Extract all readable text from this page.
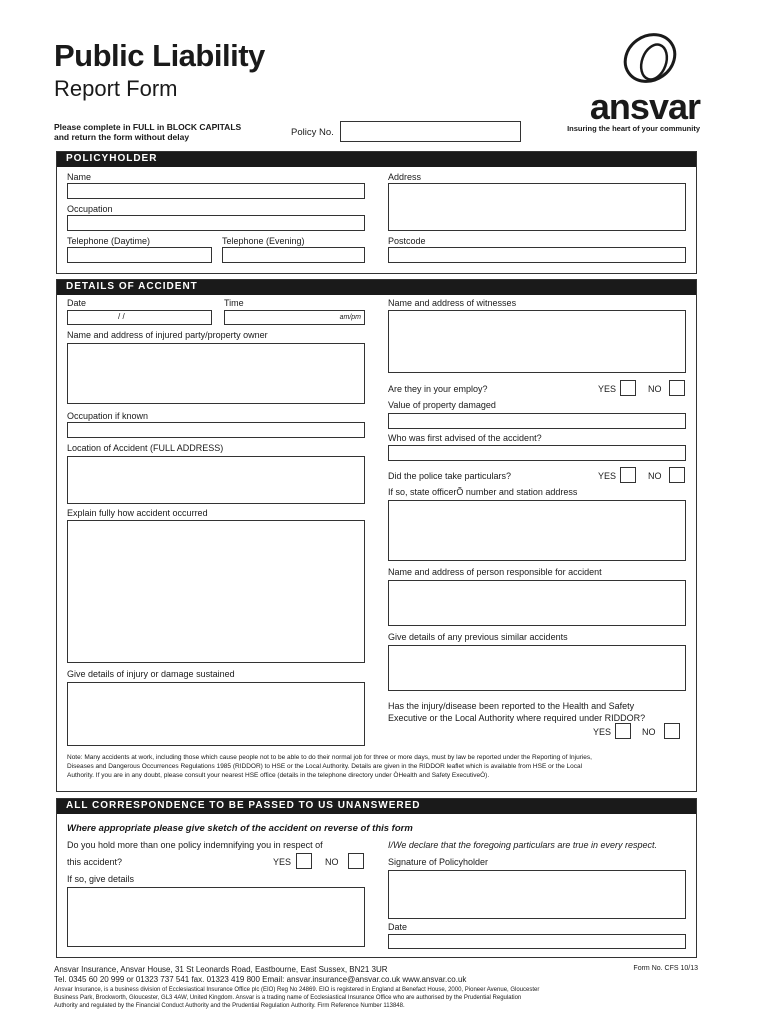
Public Liability
Report Form
Please complete in FULL in BLOCK CAPITALS
and return the form without delay	Policy No.
ansvar
Insuring the heart of your community
POLICYHOLDER
Name
Occupation
Telephone (Daytime)	Telephone (Evening)
Address
Postcode
DETAILS OF ACCIDENT
Date
/ /
Time
am/pm
Name and address of injured party/property owner
Occupation if known
Location of Accident (FULL ADDRESS)
Explain fully how accident occurred
Give details of injury or damage sustained
Name and address of witnesses
Are they in your employ?	YES	NO
Value of property damaged
Who was first advised of the accident?
Did the police take particulars?	YES	NO
If so, state officerÕ number and station address
Name and address of person responsible for accident
Give details of any previous similar accidents
Has the injury/disease been reported to the Health and Safety
Executive or the Local Authority where required under RIDDOR?
YES	NO
Note: Many accidents at work, including those which cause people not to be able to do their normal job for three or more days, must by law be reported under the Reporting of Injuries,
Diseases and Dangerous Occurrences Regulations 1985 (RIDDOR) to HSE or the Local Authority. Details are given in the RIDDOR leaflet which is available from HSE or the Local
Authority. If you are in any doubt, please consult your nearest HSE office (details in the telephone directory under ÒHealth and Safety ExecutiveÓ).
ALL CORRESPONDENCE TO BE PASSED TO US UNANSWERED
Where appropriate please give sketch of the accident on reverse of this form
Do you hold more than one policy indemnifying you in respect of
this accident?	YES	NO
If so, give details
I/We declare that the foregoing particulars are true in every respect.
Signature of Policyholder
Date
Ansvar Insurance, Ansvar House, 31 St Leonards Road, Eastbourne, East Sussex, BN21 3UR
Tel. 0345 60 20 999 or 01323 737 541 fax. 01323 419 800 Email: ansvar.insurance@ansvar.co.uk www.ansvar.co.uk
Form No. CFS 10/13
Ansvar Insurance, is a business division of Ecclesiastical Insurance Office plc (EIO) Reg No 24869. EIO is registered in England at Benefact House, 2000, Pioneer Avenue, Gloucester
Business Park, Brockworth, Gloucester, GL3 4AW, United Kingdom. Ansvar is a trading name of Ecclesiastical Insurance Office who are authorised by the Prudential Regulation
Authority and regulated by the Financial Conduct Authority and the Prudential Regulation Authority. Firm Reference Number 113848.
